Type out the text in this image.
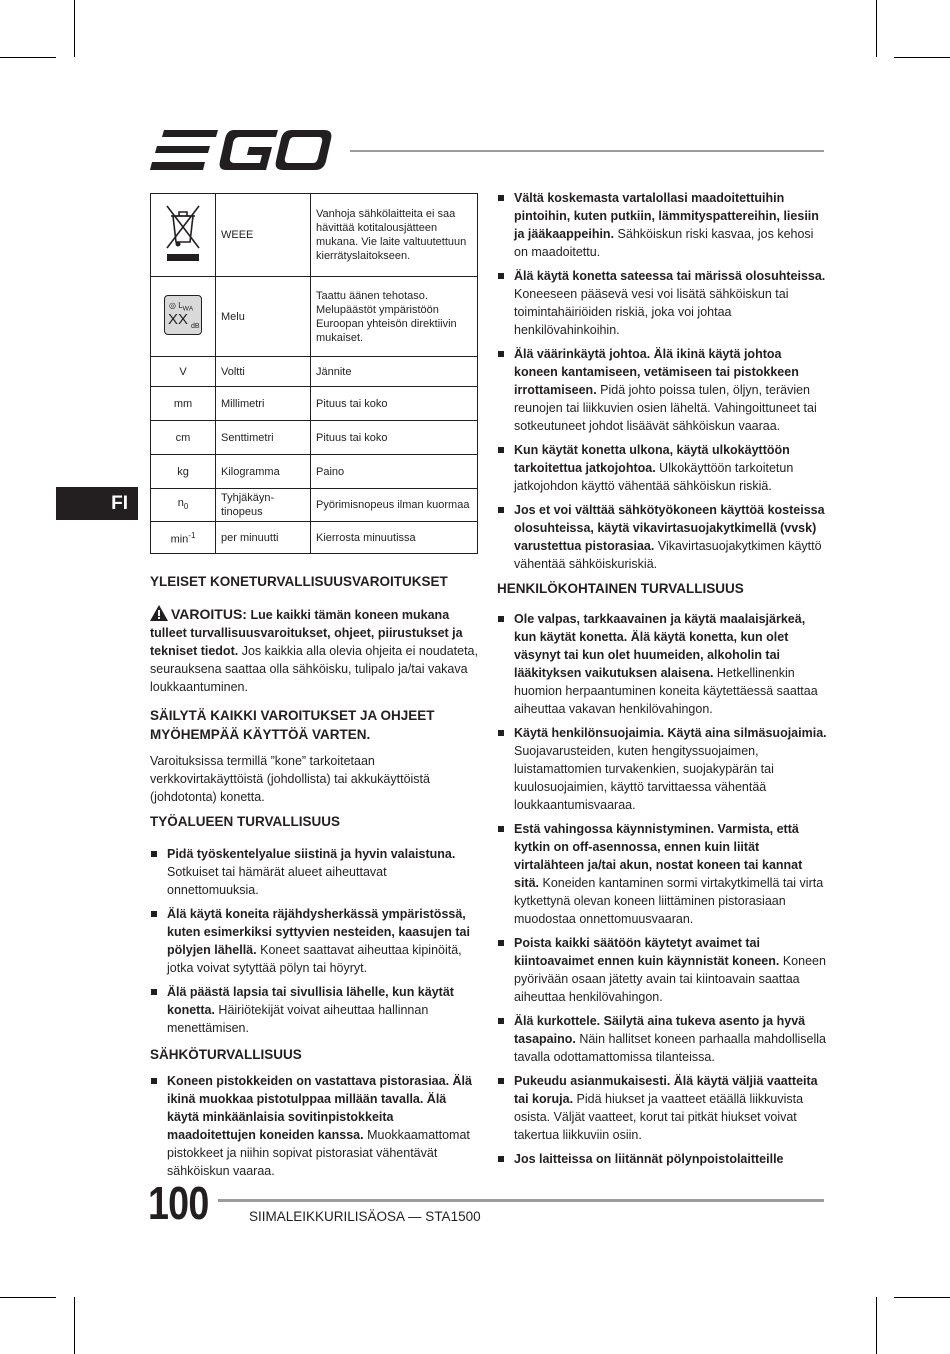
FI
	WEEE	Vanhoja sähkölaitteita ei saa hävittää kotitalousjätteen mukana. Vie laite valtuutettuun kierrätyslaitokseen.

◎ $L_{WA}$
XX dB	Melu	Taattu äänen tehotaso. Melupäästöt ympäristöön Euroopan yhteisön direktiivin mukaiset.
V	Voltti	Jännite
mm	Millimetri	Pituus tai koko
cm	Senttimetri	Pituus tai koko
kg	Kilogramma	Paino
$n_0$	Tyhjäkäyn-tinopeus	Pyörimisnopeus ilman kuormaa
$\min^{-1}$	per minuutti	Kierrosta minuutissa
YLEISET KONETURVALLISUUSVAROITUKSET

VAROITUS: Lue kaikki tämän koneen mukana tulleet turvallisuusvaroitukset, ohjeet, piirustukset ja tekniset tiedot. Jos kaikkia alla olevia ohjeita ei noudateta, seurauksena saattaa olla sähköisku, tulipalo ja/tai vakava loukkaantuminen.

SÄILYTÄ KAIKKI VAROITUKSET JA OHJEET MYÖHEMPÄÄ KÄYTTÖÄ VARTEN.

Varoituksissa termillä ”kone” tarkoitetaan verkkovirtakäyttöistä (johdollista) tai akkukäyttöistä (johdotonta) konetta.

TYÖALUEEN TURVALLISUUS
Pidä työskentelyalue siistinä ja hyvin valaistuna. Sotkuiset tai hämärät alueet aiheuttavat onnettomuuksia.
Älä käytä koneita räjähdysherkässä ympäristössä, kuten esimerkiksi syttyvien nesteiden, kaasujen tai pölyjen lähellä. Koneet saattavat aiheuttaa kipinöitä, jotka voivat sytyttää pölyn tai höyryt.
Älä päästä lapsia tai sivullisia lähelle, kun käytät konetta. Häiriötekijät voivat aiheuttaa hallinnan menettämisen.
SÄHKÖTURVALLISUUS
Koneen pistokkeiden on vastattava pistorasiaa. Älä ikinä muokkaa pistotulppaa millään tavalla. Älä käytä minkäänlaisia sovitinpistokkeita maadoitettujen koneiden kanssa. Muokkaamattomat pistokkeet ja niihin sopivat pistorasiat vähentävät sähköiskun vaaraa.
Vältä koskemasta vartalollasi maadoitettuihin pintoihin, kuten putkiin, lämmityspattereihin, liesiin ja jääkaappeihin. Sähköiskun riski kasvaa, jos kehosi on maadoitettu.
Älä käytä konetta sateessa tai märissä olosuhteissa. Koneeseen pääsevä vesi voi lisätä sähköiskun tai toimintahäiriöiden riskiä, joka voi johtaa henkilövahinkoihin.
Älä väärinkäytä johtoa. Älä ikinä käytä johtoa koneen kantamiseen, vetämiseen tai pistokkeen irrottamiseen. Pidä johto poissa tulen, öljyn, terävien reunojen tai liikkuvien osien läheltä. Vahingoittuneet tai sotkeutuneet johdot lisäävät sähköiskun vaaraa.
Kun käytät konetta ulkona, käytä ulkokäyttöön tarkoitettua jatkojohtoa. Ulkokäyttöön tarkoitetun jatkojohdon käyttö vähentää sähköiskun riskiä.
Jos et voi välttää sähkötyökoneen käyttöä kosteissa olosuhteissa, käytä vikavirtasuojakytkimellä (vvsk) varustettua pistorasiaa. Vikavirtasuojakytkimen käyttö vähentää sähköiskuriskiä.
HENKILÖKOHTAINEN TURVALLISUUS
Ole valpas, tarkkaavainen ja käytä maalaisjärkeä, kun käytät konetta. Älä käytä konetta, kun olet väsynyt tai kun olet huumeiden, alkoholin tai lääkityksen vaikutuksen alaisena. Hetkellinenkin huomion herpaantuminen koneita käytettäessä saattaa aiheuttaa vakavan henkilövahingon.
Käytä henkilönsuojaimia. Käytä aina silmäsuojaimia. Suojavarusteiden, kuten hengityssuojaimen, luistamattomien turvakenkien, suojakypärän tai kuulosuojaimien, käyttö tarvittaessa vähentää loukkaantumisvaaraa.
Estä vahingossa käynnistyminen. Varmista, että kytkin on off-asennossa, ennen kuin liität virtalähteen ja/tai akun, nostat koneen tai kannat sitä. Koneiden kantaminen sormi virtakytkimellä tai virta kytkettynä olevan koneen liittäminen pistorasiaan muodostaa onnettomuusvaaran.
Poista kaikki säätöön käytetyt avaimet tai kiintoavaimet ennen kuin käynnistät koneen. Koneen pyörivään osaan jätetty avain tai kiintoavain saattaa aiheuttaa henkilövahingon.
Älä kurkottele. Säilytä aina tukeva asento ja hyvä tasapaino. Näin hallitset koneen parhaalla mahdollisella tavalla odottamattomissa tilanteissa.
Pukeudu asianmukaisesti. Älä käytä väljiä vaatteita tai koruja. Pidä hiukset ja vaatteet etäällä liikkuvista osista. Väljät vaatteet, korut tai pitkät hiukset voivat takertua liikkuviin osiin.
Jos laitteissa on liitännät pölynpoistolaitteille
100	SIIMALEIKKURILISÄOSA — STA1500
